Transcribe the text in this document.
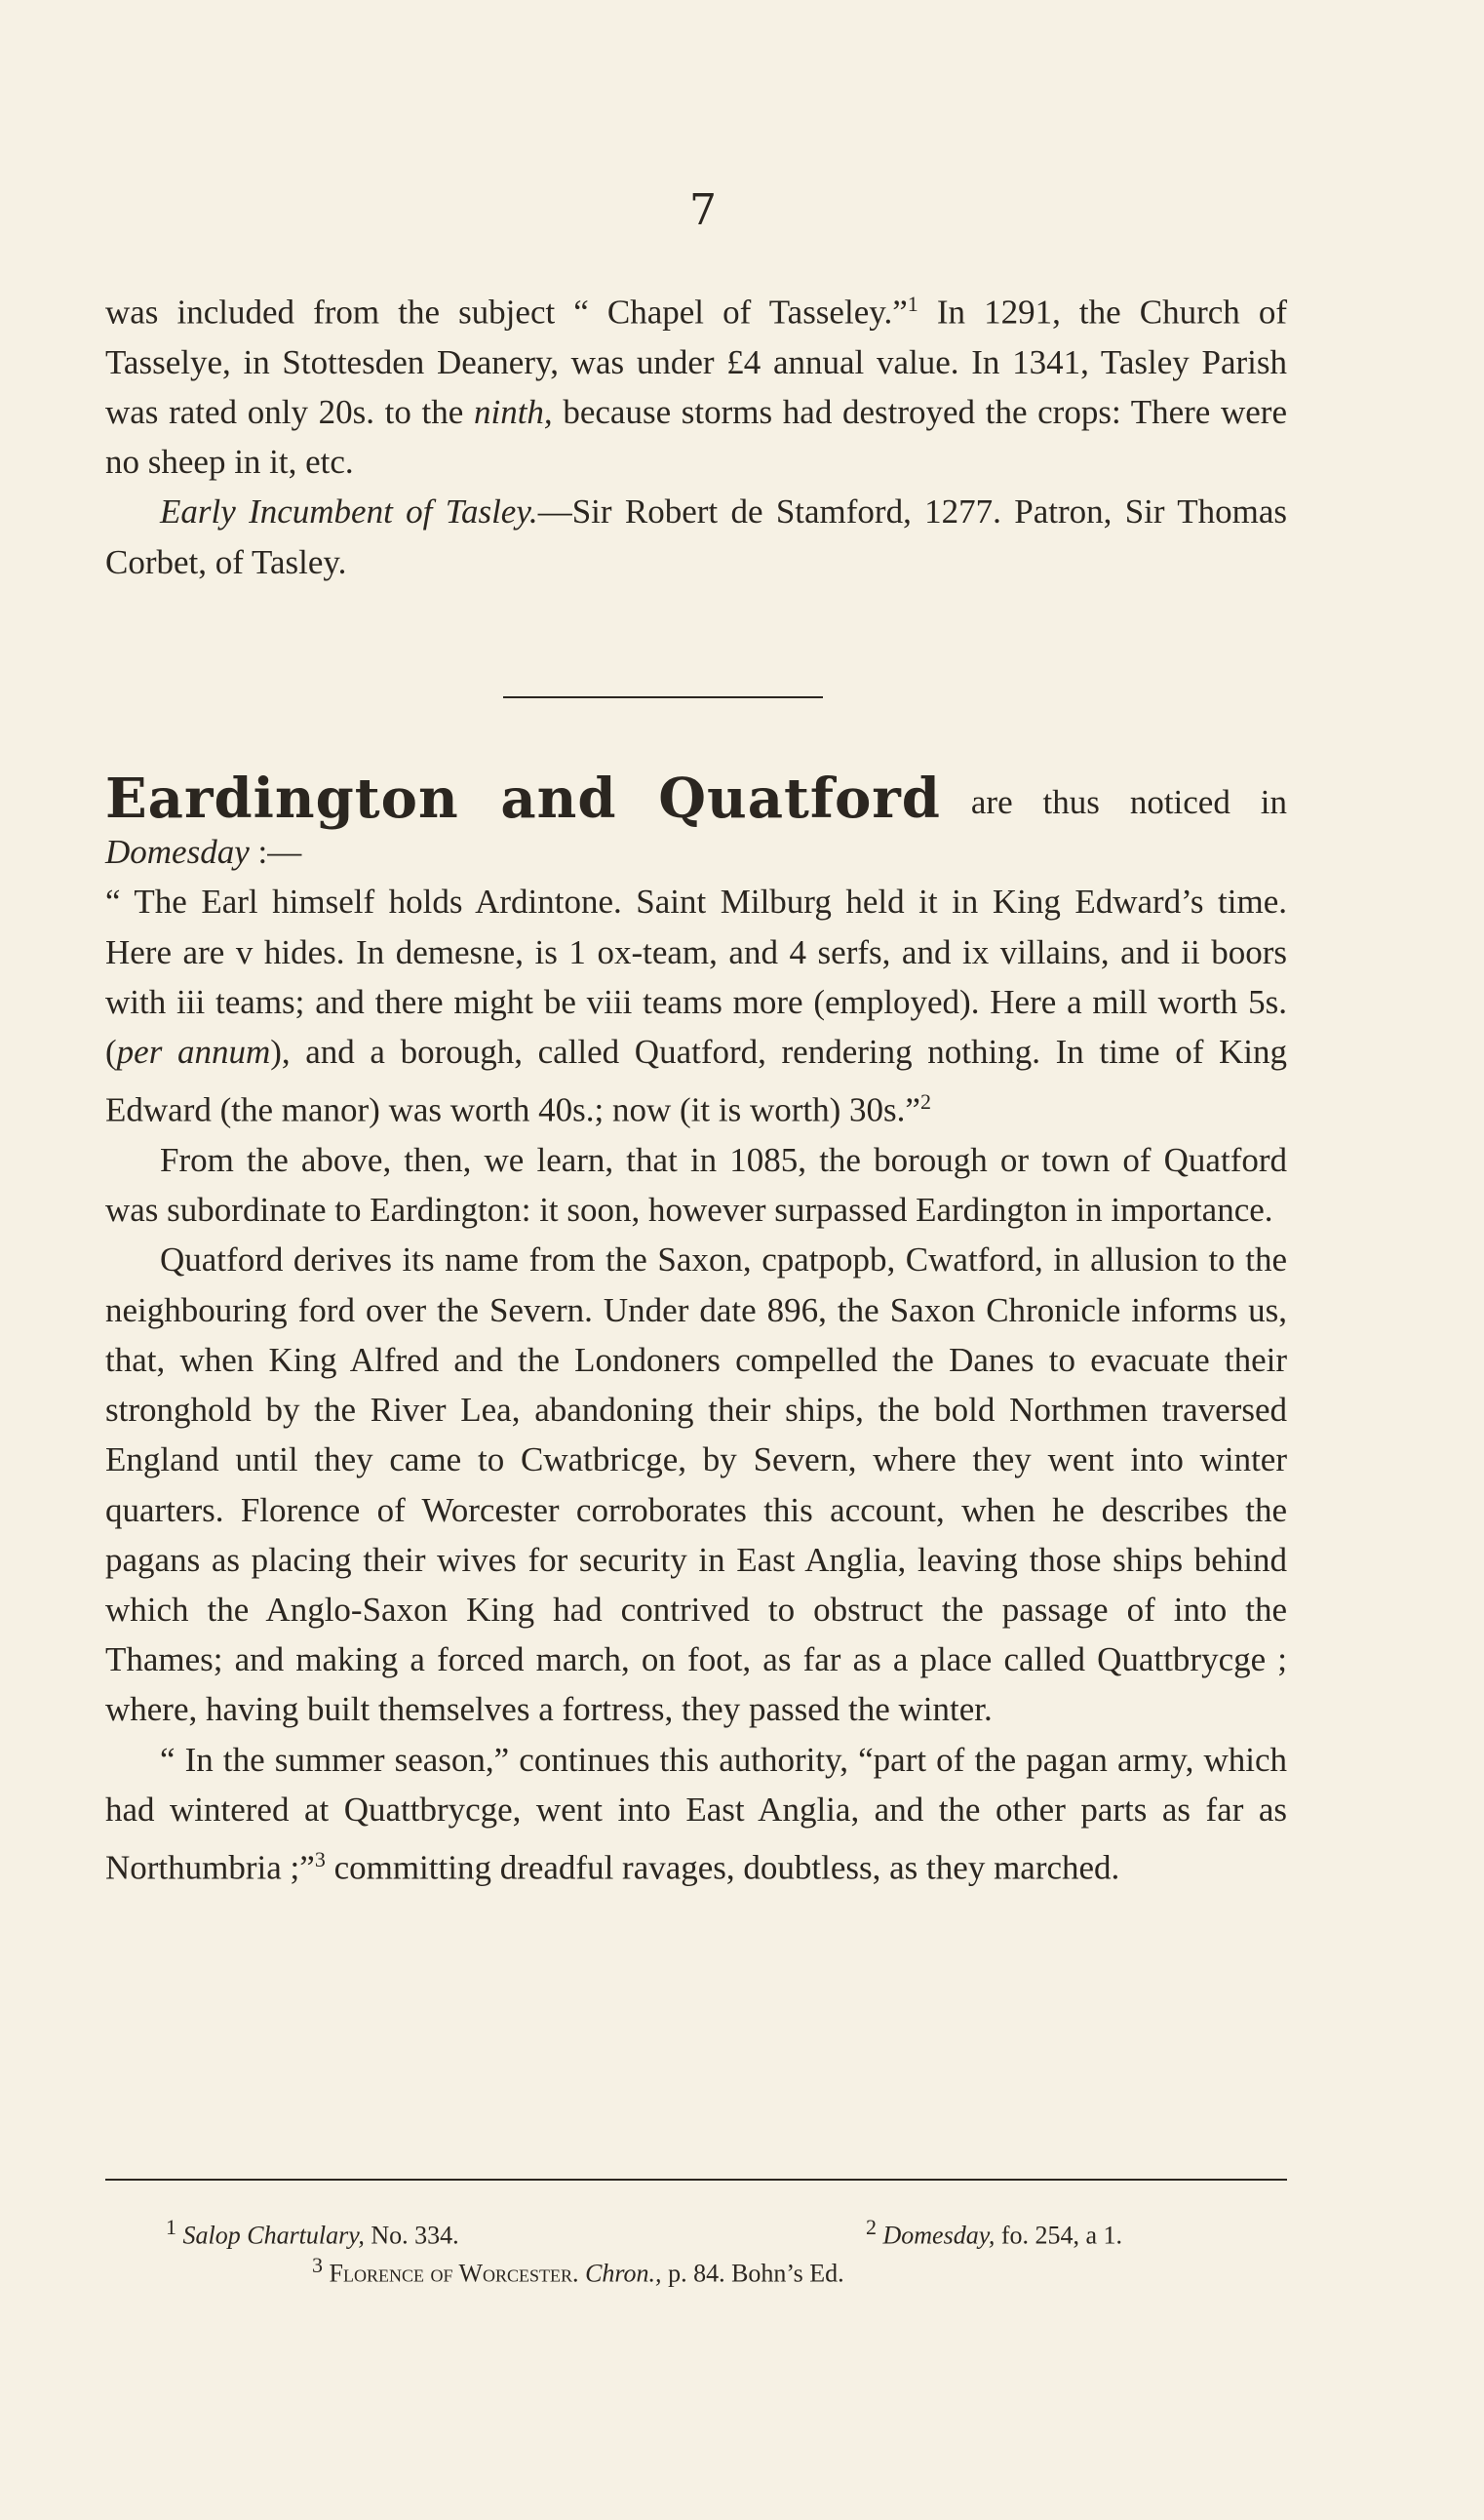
7

was included from the subject “ Chapel of Tasseley.”$^1$ In 1291, the Church of Tasselye, in Stottesden Deanery, was under £4 annual value. In 1341, Tasley Parish was rated only 20s. to the ninth, because storms had destroyed the crops: There were no sheep in it, etc.

Early Incumbent of Tasley.—Sir Robert de Stamford, 1277. Patron, Sir Thomas Corbet, of Tasley.

Eardington and Quatford are thus noticed in Domesday :—
“ The Earl himself holds Ardintone. Saint Milburg held it in King Edward’s time. Here are v hides. In demesne, is 1 ox-team, and 4 serfs, and ix villains, and ii boors with iii teams; and there might be viii teams more (employed). Here a mill worth 5s. (per annum), and a borough, called Quatford, rendering nothing. In time of King Edward (the manor) was worth 40s.; now (it is worth) 30s.”$^2$

From the above, then, we learn, that in 1085, the borough or town of Quatford was subordinate to Eardington: it soon, however surpassed Eardington in importance.

Quatford derives its name from the Saxon, cpatpopb, Cwatford, in allusion to the neighbouring ford over the Severn. Under date 896, the Saxon Chronicle informs us, that, when King Alfred and the Londoners compelled the Danes to evacuate their stronghold by the River Lea, abandoning their ships, the bold Northmen traversed England until they came to Cwatbricge, by Severn, where they went into winter quarters. Florence of Worcester corroborates this account, when he describes the pagans as placing their wives for security in East Anglia, leaving those ships behind which the Anglo-Saxon King had contrived to obstruct the passage of into the Thames; and making a forced march, on foot, as far as a place called Quattbrycge ; where, having built themselves a fortress, they passed the winter.

“ In the summer season,” continues this authority, “part of the pagan army, which had wintered at Quattbrycge, went into East Anglia, and the other parts as far as Northumbria ;”$^3$ committing dreadful ravages, doubtless, as they marched.

$^1$ Salop Chartulary, No. 334.	$^2$ Domesday, fo. 254, a 1.
$^3$ Florence of Worcester. Chron., p. 84. Bohn’s Ed.
